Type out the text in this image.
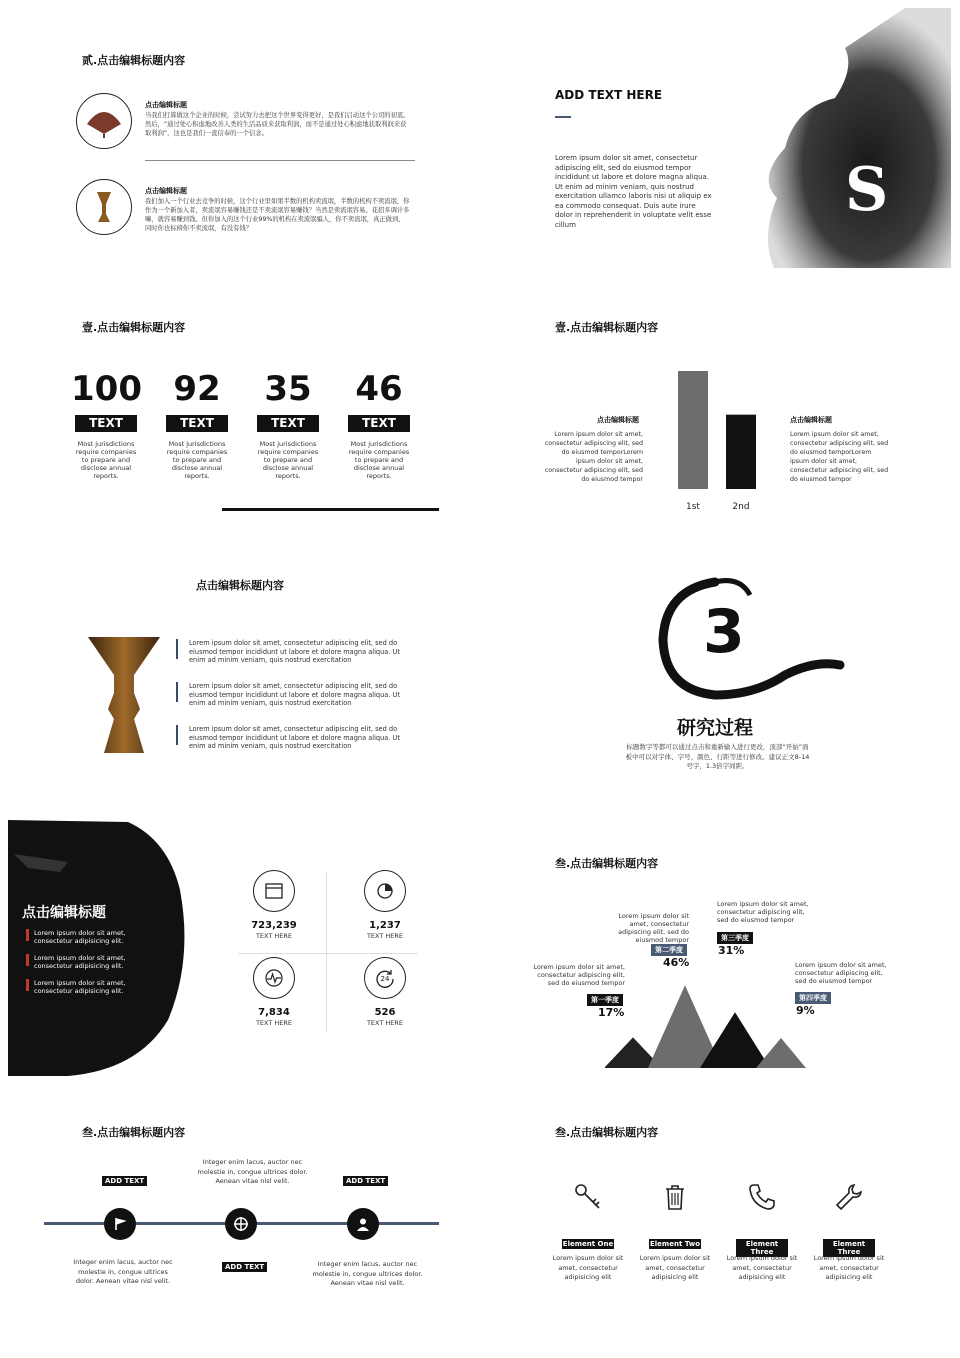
贰.点击编辑标题内容
点击编辑标题
当我们打算做这个企业的时候，尝试努力去把这个世界变得更好，是我们启动这个公司的初衷。然后，“通过处心积虑地改善人类的生活品质来获取利润，而不是通过处心积虑地获取利润来获取利润”，这也是我们一直信奉的一个信念。
点击编辑标题
我们加入一个行业去竞争的时候，这个行业里如果半数的机构卖流氓，半数的机构不卖流氓，你作为一个新加入者，卖流氓容易赚钱还是不卖流氓容易赚钱？当然是卖流氓容易。花招多调计多嘛，就容易赚到钱。但你加入的这个行业99%的机构在卖流氓骗人，你不卖流氓，真正做到，同时你也标榜你不卖流氓，有没有钱？
ADD TEXT HERE
Lorem ipsum dolor sit amet, consectetur adipiscing elit, sed do eiusmod tempor incididunt ut labore et dolore magna aliqua. Ut enim ad minim veniam, quis nostrud exercitation ullamco laboris nisi ut aliquip ex ea commodo consequat. Duis aute irure dolor in reprehenderit in voluptate velit esse cillum	S
壹.点击编辑标题内容
100
TEXT
Most jurisdictions require companies to prepare and disclose annual reports.
92
TEXT
Most jurisdictions require companies to prepare and disclose annual reports.
35
TEXT
Most jurisdictions require companies to prepare and disclose annual reports.
46
TEXT
Most jurisdictions require companies to prepare and disclose annual reports.
壹.点击编辑标题内容
点击编辑标题
Lorem ipsum dolor sit amet, consectetur adipiscing elit, sed do eiusmod temporLorem ipsum dolor sit amet, consectetur adipiscing elit, sed do eiusmod tempor
1st	2nd
点击编辑标题
Lorem ipsum dolor sit amet, consectetur adipiscing elit, sed do eiusmod temporLorem ipsum dolor sit amet, consectetur adipiscing elit, sed do eiusmod tempor
点击编辑标题内容
Lorem ipsum dolor sit amet, consectetur adipiscing elit, sed do eiusmod tempor incididunt ut labore et dolore magna aliqua. Ut enim ad minim veniam, quis nostrud exercitation
Lorem ipsum dolor sit amet, consectetur adipiscing elit, sed do eiusmod tempor incididunt ut labore et dolore magna aliqua. Ut enim ad minim veniam, quis nostrud exercitation
Lorem ipsum dolor sit amet, consectetur adipiscing elit, sed do eiusmod tempor incididunt ut labore et dolore magna aliqua. Ut enim ad minim veniam, quis nostrud exercitation
3
研究过程
标题数字等都可以通过点击和重新输入进行更改，顶部“开始”面板中可以对字体、字号、颜色、行距等进行修改。建议正文8-14号字，1.3倍字间距。
点击编辑标题
Lorem ipsum dolor sit amet, consectetur adipisicing elit.
Lorem ipsum dolor sit amet, consectetur adipisicing elit.
Lorem ipsum dolor sit amet, consectetur adipisicing elit.
723,239
TEXT HERE
1,237
TEXT HERE
7,834
TEXT HERE
24
526
TEXT HERE
叁.点击编辑标题内容
Lorem ipsum dolor sit amet, consectetur adipiscing elit, sed do eiusmod tempor
第一季度
17%
Lorem ipsum dolor sit amet, consectetur adipiscing elit, sed do eiusmod tempor
第二季度
46%
Lorem ipsum dolor sit amet, consectetur adipiscing elit, sed do eiusmod tempor
第三季度
31%
Lorem ipsum dolor sit amet, consectetur adipiscing elit, sed do eiusmod tempor
第四季度
9%
叁.点击编辑标题内容
ADD TEXT
ADD TEXT
ADD TEXT
Integer enim lacus, auctor nec molestie in, congue ultrices dolor. Aenean vitae nisl velit.
Integer enim lacus, auctor nec molestie in, congue ultrices dolor. Aenean vitae nisl velit.
Integer enim lacus, auctor nec molestie in, congue ultrices dolor. Aenean vitae nisl velit.
叁.点击编辑标题内容
Element One
Lorem ipsum dolor sit amet, consectetur adipisicing elit
Element Two
Lorem ipsum dolor sit amet, consectetur adipisicing elit
Element Three
Lorem ipsum dolor sit amet, consectetur adipisicing elit
Element Three
Lorem ipsum dolor sit amet, consectetur adipisicing elit
